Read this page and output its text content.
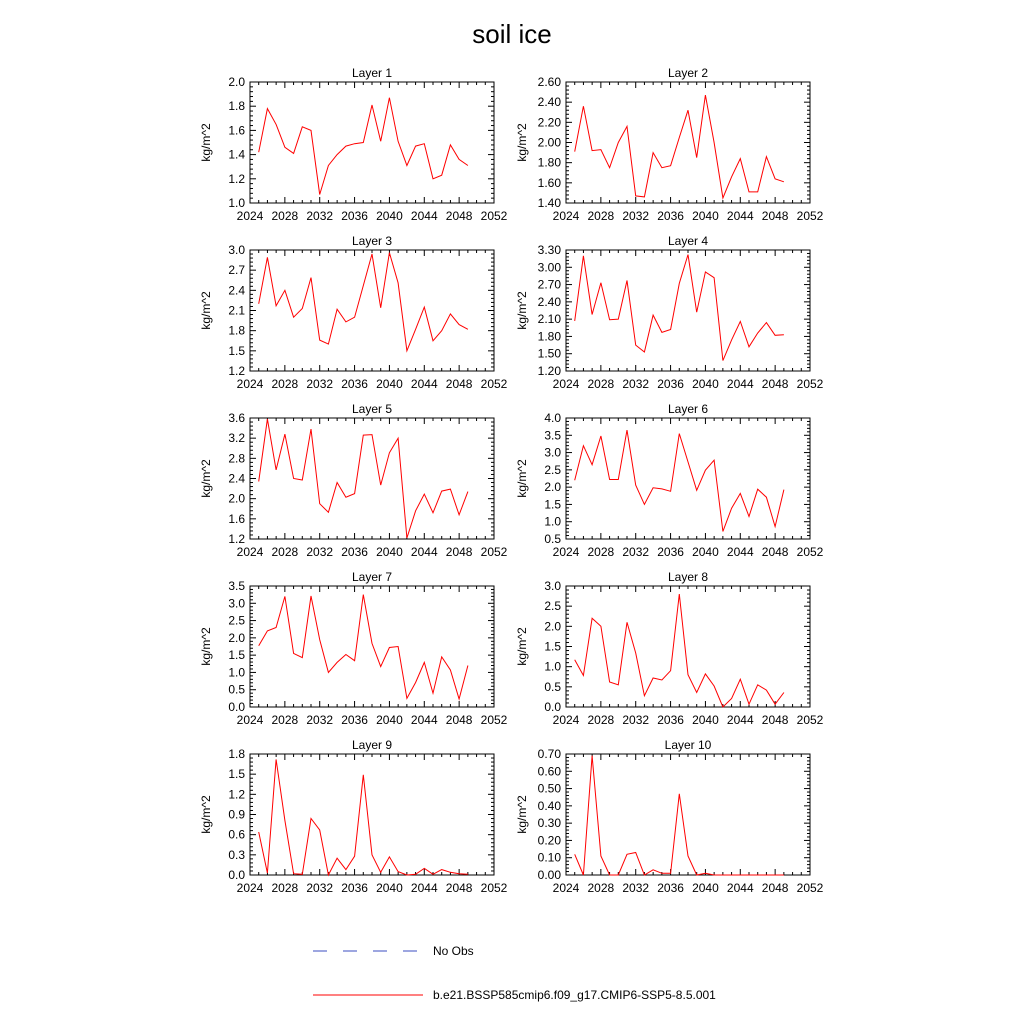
soil ice
Layer 1
kg/m^2
2024 2028 2032 2036 2040 2044 2048 2052
1.0
1.2
1.4
1.6
1.8
2.0
Layer 2
kg/m^2
2024 2028 2032 2036 2040 2044 2048 2052
1.40
1.60
1.80
2.00
2.20
2.40
2.60
Layer 3
kg/m^2
2024 2028 2032 2036 2040 2044 2048 2052
1.2
1.5
1.8
2.1
2.4
2.7
3.0
Layer 4
kg/m^2
2024 2028 2032 2036 2040 2044 2048 2052
1.20
1.50
1.80
2.10
2.40
2.70
3.00
3.30
Layer 5
kg/m^2
2024 2028 2032 2036 2040 2044 2048 2052
1.2
1.6
2.0
2.4
2.8
3.2
3.6
Layer 6
kg/m^2
2024 2028 2032 2036 2040 2044 2048 2052
0.5
1.0
1.5
2.0
2.5
3.0
3.5
4.0
Layer 7
kg/m^2
2024 2028 2032 2036 2040 2044 2048 2052
0.0
0.5
1.0
1.5
2.0
2.5
3.0
3.5
Layer 8
kg/m^2
2024 2028 2032 2036 2040 2044 2048 2052
0.0
0.5
1.0
1.5
2.0
2.5
3.0
Layer 9
kg/m^2
2024 2028 2032 2036 2040 2044 2048 2052
0.0
0.3
0.6
0.9
1.2
1.5
1.8
Layer 10
kg/m^2
2024 2028 2032 2036 2040 2044 2048 2052
0.00
0.10
0.20
0.30
0.40
0.50
0.60
0.70
No Obs
b.e21.BSSP585cmip6.f09_g17.CMIP6-SSP5-8.5.001
